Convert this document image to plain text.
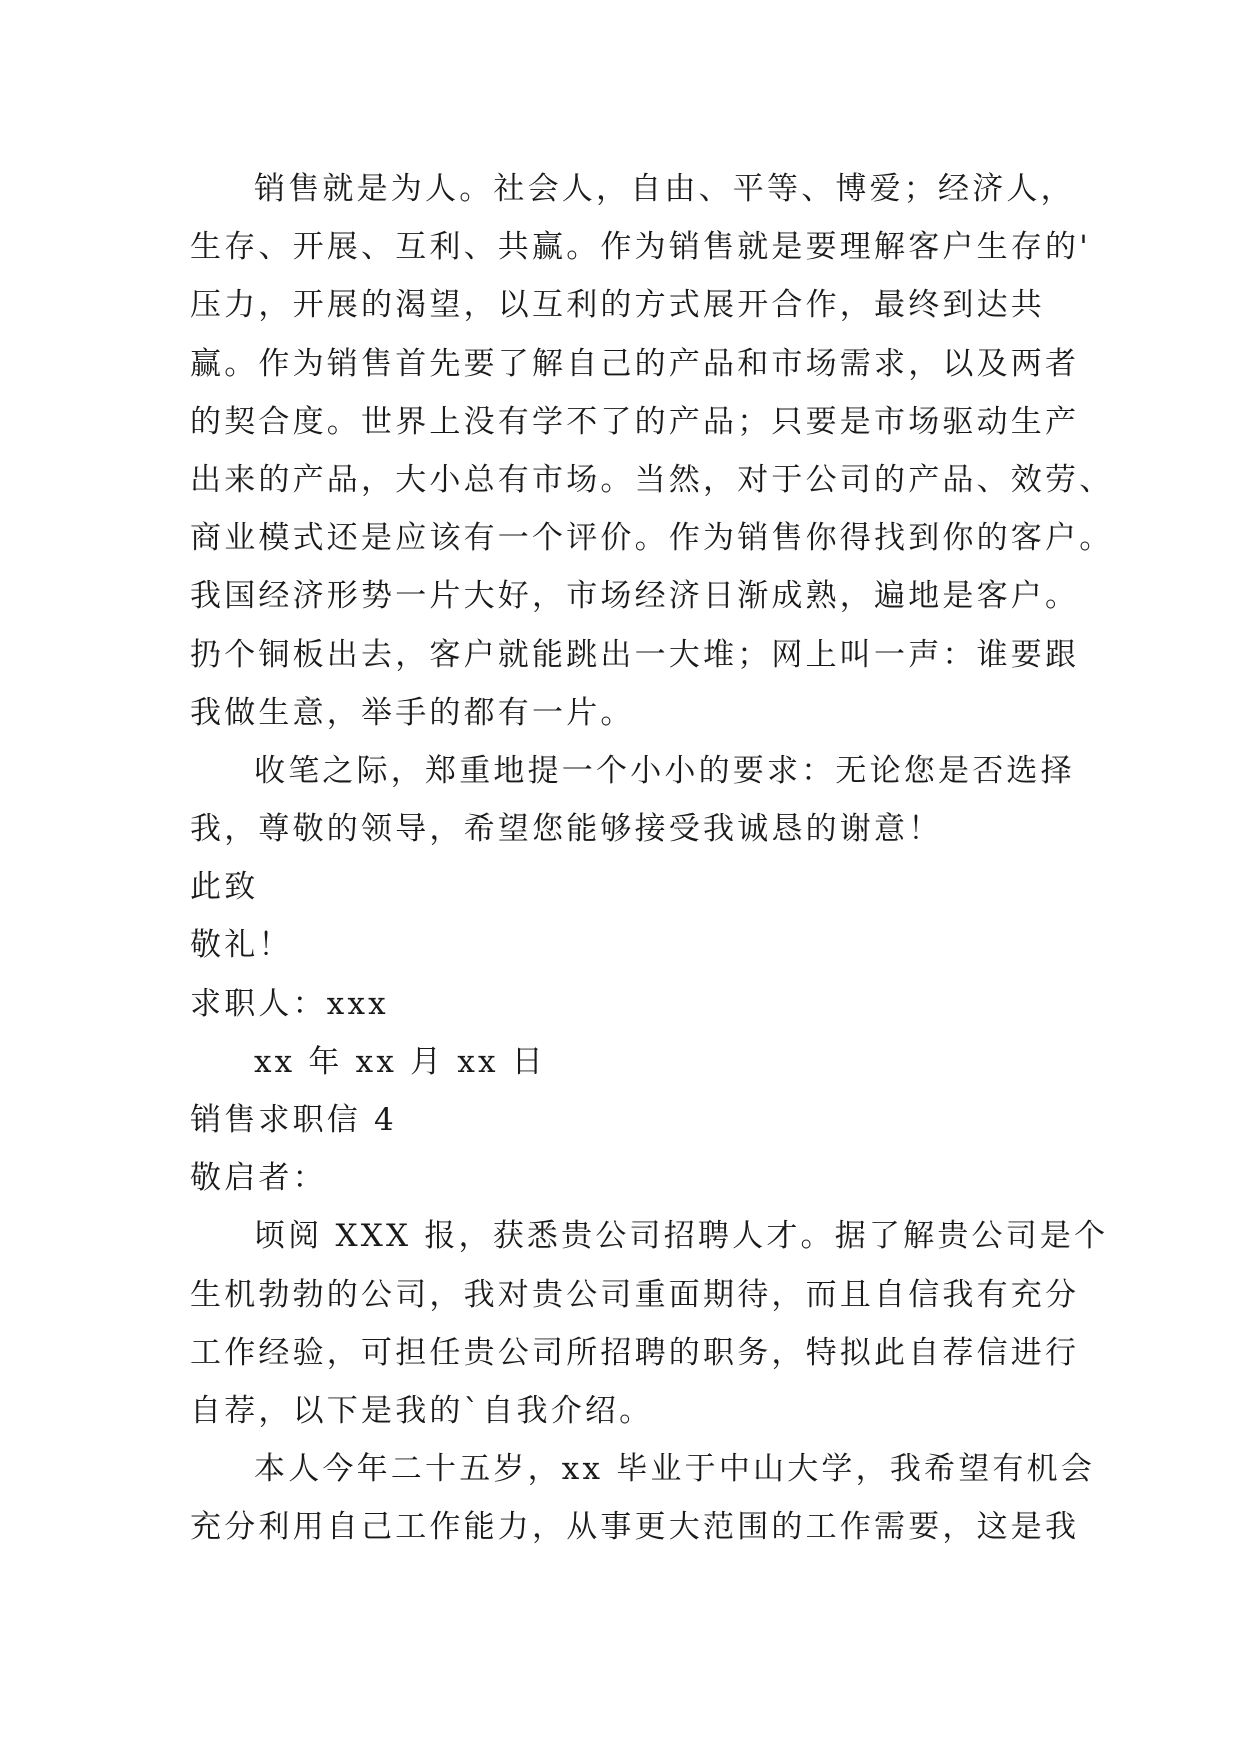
销售就是为人。社会人，自由、平等、博爱；经济人，
生存、开展、互利、共赢。作为销售就是要理解客户生存的'
压力，开展的渴望，以互利的方式展开合作，最终到达共
赢。作为销售首先要了解自己的产品和市场需求，以及两者
的契合度。世界上没有学不了的产品；只要是市场驱动生产
出来的产品，大小总有市场。当然，对于公司的产品、效劳、
商业模式还是应该有一个评价。作为销售你得找到你的客户。
我国经济形势一片大好，市场经济日渐成熟，遍地是客户。
扔个铜板出去，客户就能跳出一大堆；网上叫一声：谁要跟
我做生意，举手的都有一片。
收笔之际，郑重地提一个小小的要求：无论您是否选择
我，尊敬的领导，希望您能够接受我诚恳的谢意！
此致
敬礼！
求职人：xxx
xx 年 xx 月 xx 日
销售求职信 4
敬启者：
顷阅 XXX 报，获悉贵公司招聘人才。据了解贵公司是个
生机勃勃的公司，我对贵公司重面期待，而且自信我有充分
工作经验，可担任贵公司所招聘的职务，特拟此自荐信进行
自荐，以下是我的`自我介绍。
本人今年二十五岁，xx 毕业于中山大学，我希望有机会
充分利用自己工作能力，从事更大范围的工作需要，这是我
